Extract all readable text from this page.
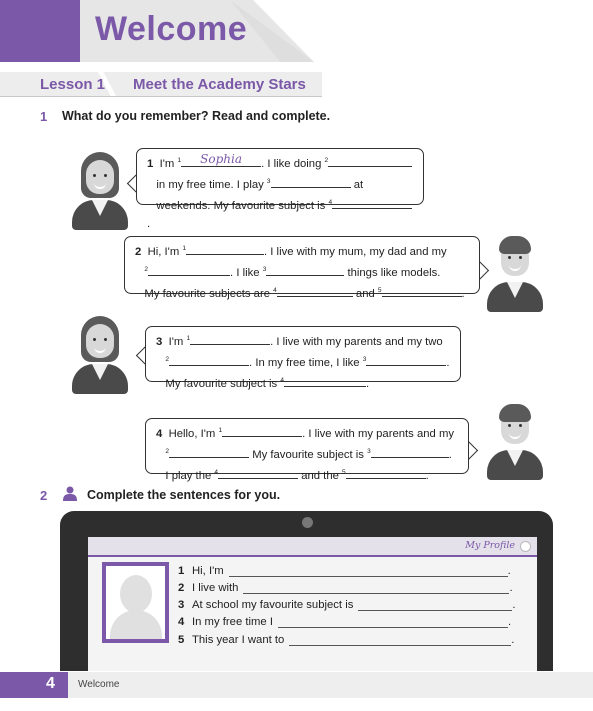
Welcome
Lesson 1 Meet the Academy Stars
1 What do you remember? Read and complete.
1 I'm $^1$	Sophia	. I like doing $^2$
in my free time. I play $^3$	at
weekends. My favourite subject is $^4$.
2 Hi, I'm $^1$	. I live with my mum, my dad and my
$^2$	. I like $^3$	things like models.
My favourite subjects are $^4$	and $^5$	.
3 I'm $^1$	. I live with my parents and my two
$^2$	. In my free time, I like $^3$	.
My favourite subject is $^4$	.
4 Hello, I'm $^1$	. I live with my parents and my
$^2$	My favourite subject is $^3$	.
I play the $^4$	and the $^5$	.
2	Complete the sentences for you.
My Profile
1 Hi, I'm	.
2 I live with	.
3 At school my favourite subject is	.
4 In my free time I	.
5 This year I want to	.
4 Welcome
